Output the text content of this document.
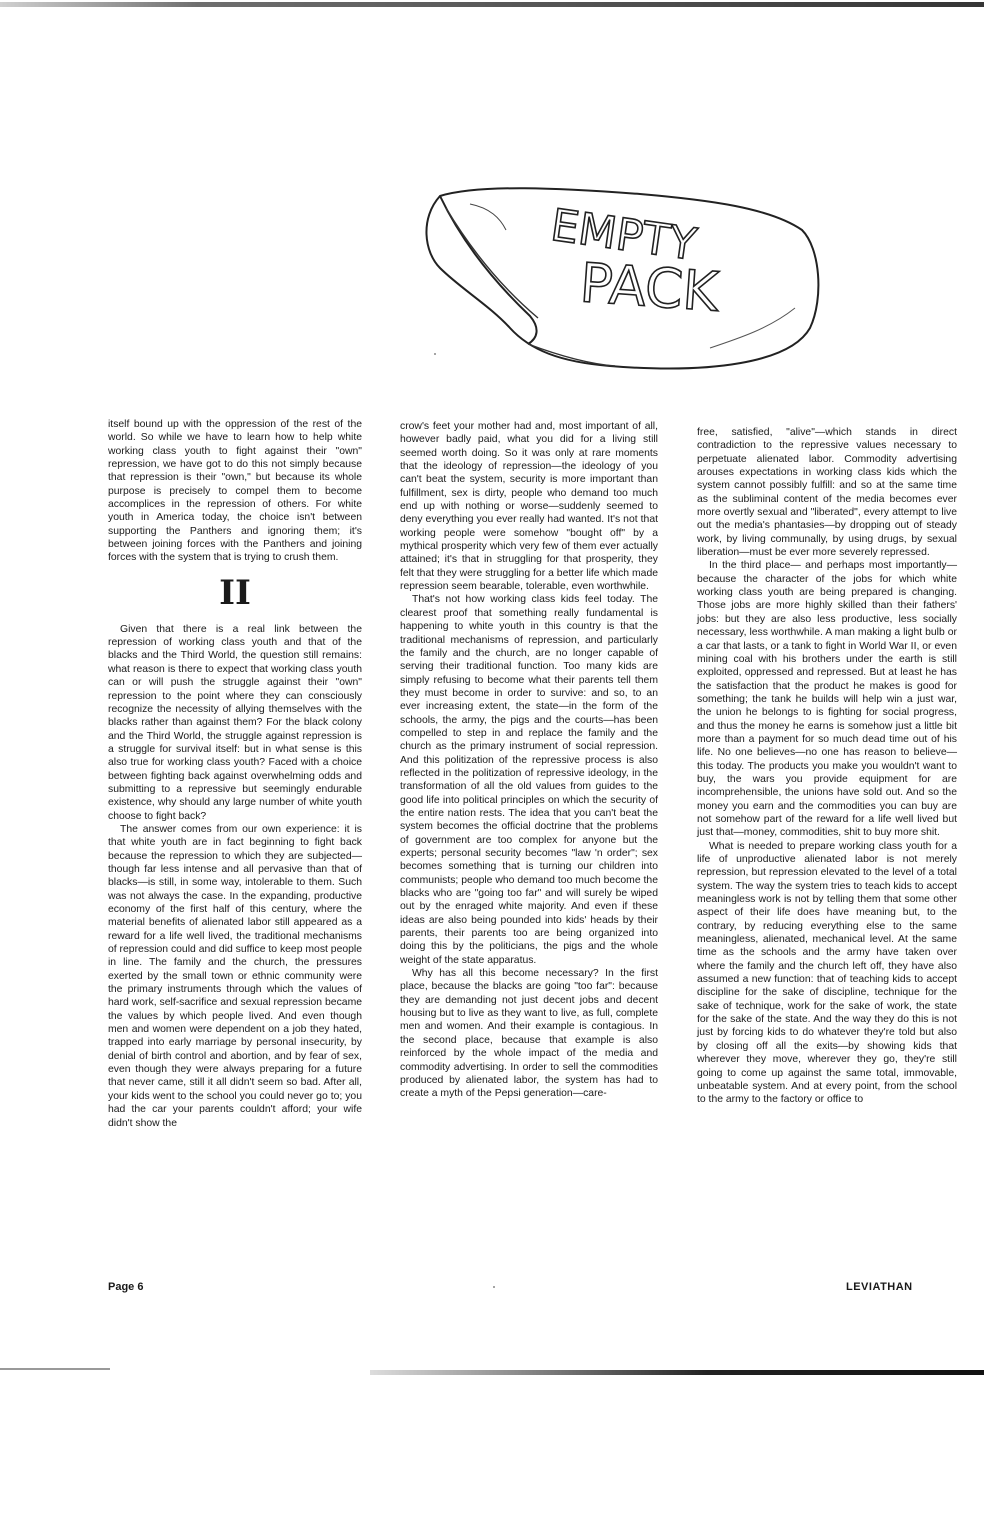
EMPTY
PACK

itself bound up with the oppression of the rest of the world. So while we have to learn how to help white working class youth to fight against their "own" repression, we have got to do this not simply because that repression is their "own," but because its whole purpose is precisely to compel them to become accomplices in the repression of others. For white youth in America today, the choice isn't between supporting the Panthers and ignoring them; it's between joining forces with the Panthers and joining forces with the system that is trying to crush them.

II

Given that there is a real link between the repression of working class youth and that of the blacks and the Third World, the question still remains: what reason is there to expect that working class youth can or will push the struggle against their "own" repression to the point where they can consciously recognize the necessity of allying themselves with the blacks rather than against them? For the black colony and the Third World, the struggle against repression is a struggle for survival itself: but in what sense is this also true for working class youth? Faced with a choice between fighting back against overwhelming odds and submitting to a repressive but seemingly endurable existence, why should any large number of white youth choose to fight back?

The answer comes from our own experience: it is that white youth are in fact beginning to fight back because the repression to which they are subjected—though far less intense and all pervasive than that of blacks—is still, in some way, intolerable to them. Such was not always the case. In the expanding, productive economy of the first half of this century, where the material benefits of alienated labor still appeared as a reward for a life well lived, the traditional mechanisms of repression could and did suffice to keep most people in line. The family and the church, the pressures exerted by the small town or ethnic community were the primary instruments through which the values of hard work, self-sacrifice and sexual repression became the values by which people lived. And even though men and women were dependent on a job they hated, trapped into early marriage by personal insecurity, by denial of birth control and abortion, and by fear of sex, even though they were always preparing for a future that never came, still it all didn't seem so bad. After all, your kids went to the school you could never go to; you had the car your parents couldn't afford; your wife didn't show the

crow's feet your mother had and, most important of all, however badly paid, what you did for a living still seemed worth doing. So it was only at rare moments that the ideology of repression—the ideology of you can't beat the system, security is more important than fulfillment, sex is dirty, people who demand too much end up with nothing or worse—suddenly seemed to deny everything you ever really had wanted. It's not that working people were somehow "bought off" by a mythical prosperity which very few of them ever actually attained; it's that in struggling for that prosperity, they felt that they were struggling for a better life which made repression seem bearable, tolerable, even worthwhile.

That's not how working class kids feel today. The clearest proof that something really fundamental is happening to white youth in this country is that the traditional mechanisms of repression, and particularly the family and the church, are no longer capable of serving their traditional function. Too many kids are simply refusing to become what their parents tell them they must become in order to survive: and so, to an ever increasing extent, the state—in the form of the schools, the army, the pigs and the courts—has been compelled to step in and replace the family and the church as the primary instrument of social repression. And this politization of the repressive process is also reflected in the politization of repressive ideology, in the transformation of all the old values from guides to the good life into political principles on which the security of the entire nation rests. The idea that you can't beat the system becomes the official doctrine that the problems of government are too complex for anyone but the experts; personal security becomes "law 'n order"; sex becomes something that is turning our children into communists; people who demand too much become the blacks who are "going too far" and will surely be wiped out by the enraged white majority. And even if these ideas are also being pounded into kids' heads by their parents, their parents too are being organized into doing this by the politicians, the pigs and the whole weight of the state apparatus.

Why has all this become necessary? In the first place, because the blacks are going "too far": because they are demanding not just decent jobs and decent housing but to live as they want to live, as full, complete men and women. And their example is contagious. In the second place, because that example is also reinforced by the whole impact of the media and commodity advertising. In order to sell the commodities produced by alienated labor, the system has had to create a myth of the Pepsi generation—care-

free, satisfied, "alive"—which stands in direct contradiction to the repressive values necessary to perpetuate alienated labor. Commodity advertising arouses expectations in working class kids which the system cannot possibly fulfill: and so at the same time as the subliminal content of the media becomes ever more overtly sexual and "liberated", every attempt to live out the media's phantasies—by dropping out of steady work, by living communally, by using drugs, by sexual liberation—must be ever more severely repressed.

In the third place— and perhaps most importantly—because the character of the jobs for which white working class youth are being prepared is changing. Those jobs are more highly skilled than their fathers' jobs: but they are also less productive, less socially necessary, less worthwhile. A man making a light bulb or a car that lasts, or a tank to fight in World War II, or even mining coal with his brothers under the earth is still exploited, oppressed and repressed. But at least he has the satisfaction that the product he makes is good for something; the tank he builds will help win a just war, the union he belongs to is fighting for social progress, and thus the money he earns is somehow just a little bit more than a payment for so much dead time out of his life. No one believes—no one has reason to believe—this today. The products you make you wouldn't want to buy, the wars you provide equipment for are incomprehensible, the unions have sold out. And so the money you earn and the commodities you can buy are not somehow part of the reward for a life well lived but just that—money, commodities, shit to buy more shit.

What is needed to prepare working class youth for a life of unproductive alienated labor is not merely repression, but repression elevated to the level of a total system. The way the system tries to teach kids to accept meaningless work is not by telling them that some other aspect of their life does have meaning but, to the contrary, by reducing everything else to the same meaningless, alienated, mechanical level. At the same time as the schools and the army have taken over where the family and the church left off, they have also assumed a new function: that of teaching kids to accept discipline for the sake of discipline, technique for the sake of technique, work for the sake of work, the state for the sake of the state. And the way they do this is not just by forcing kids to do whatever they're told but also by closing off all the exits—by showing kids that wherever they move, wherever they go, they're still going to come up against the same total, immovable, unbeatable system. And at every point, from the school to the army to the factory or office to

Page 6	LEVIATHAN
